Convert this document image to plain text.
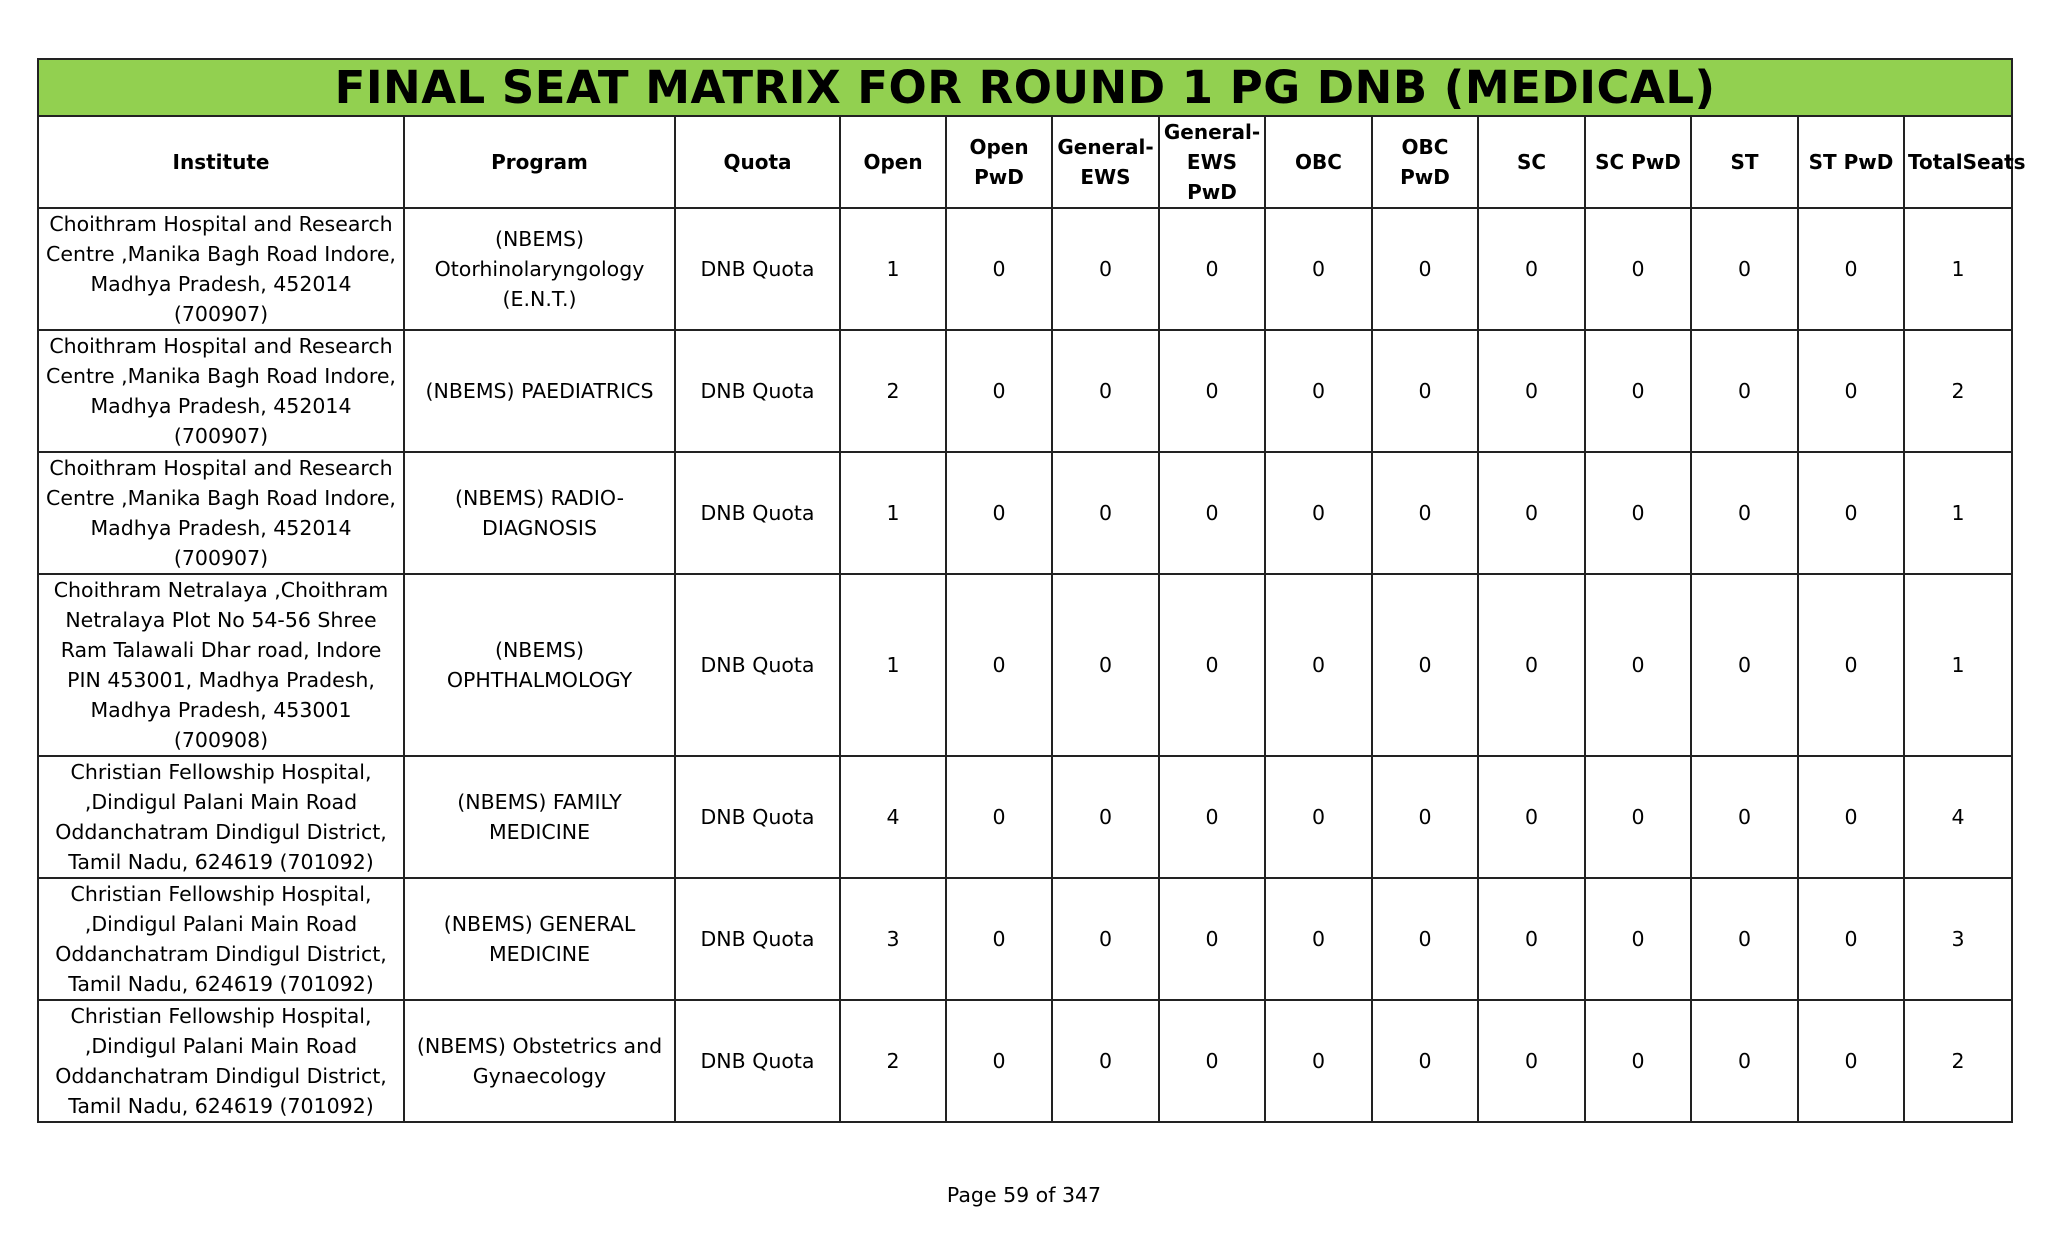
FINAL SEAT MATRIX FOR ROUND 1 PG DNB (MEDICAL)													
Institute	Program	Quota	Open	Open PwD	General-EWS	General-EWS PwD	OBC	OBC PwD	SC	SC PwD	ST	ST PwD	TotalSeats
Choithram Hospital and Research Centre ,Manika Bagh Road Indore, Madhya Pradesh, 452014 (700907)	(NBEMS) Otorhinolaryngology (E.N.T.)	DNB Quota	1	0	0	0	0	0	0	0	0	0	1
Choithram Hospital and Research Centre ,Manika Bagh Road Indore, Madhya Pradesh, 452014 (700907)	(NBEMS) PAEDIATRICS	DNB Quota	2	0	0	0	0	0	0	0	0	0	2
Choithram Hospital and Research Centre ,Manika Bagh Road Indore, Madhya Pradesh, 452014 (700907)	(NBEMS) RADIO-DIAGNOSIS	DNB Quota	1	0	0	0	0	0	0	0	0	0	1
Choithram Netralaya ,Choithram Netralaya Plot No 54-56 Shree Ram Talawali Dhar road, Indore PIN 453001, Madhya Pradesh, Madhya Pradesh, 453001 (700908)	(NBEMS) OPHTHALMOLOGY	DNB Quota	1	0	0	0	0	0	0	0	0	0	1
Christian Fellowship Hospital, ,Dindigul Palani Main Road Oddanchatram Dindigul District, Tamil Nadu, 624619 (701092)	(NBEMS) FAMILY MEDICINE	DNB Quota	4	0	0	0	0	0	0	0	0	0	4
Christian Fellowship Hospital, ,Dindigul Palani Main Road Oddanchatram Dindigul District, Tamil Nadu, 624619 (701092)	(NBEMS) GENERAL MEDICINE	DNB Quota	3	0	0	0	0	0	0	0	0	0	3
Christian Fellowship Hospital, ,Dindigul Palani Main Road Oddanchatram Dindigul District, Tamil Nadu, 624619 (701092)	(NBEMS) Obstetrics and Gynaecology	DNB Quota	2	0	0	0	0	0	0	0	0	0	2
Page 59 of 347
